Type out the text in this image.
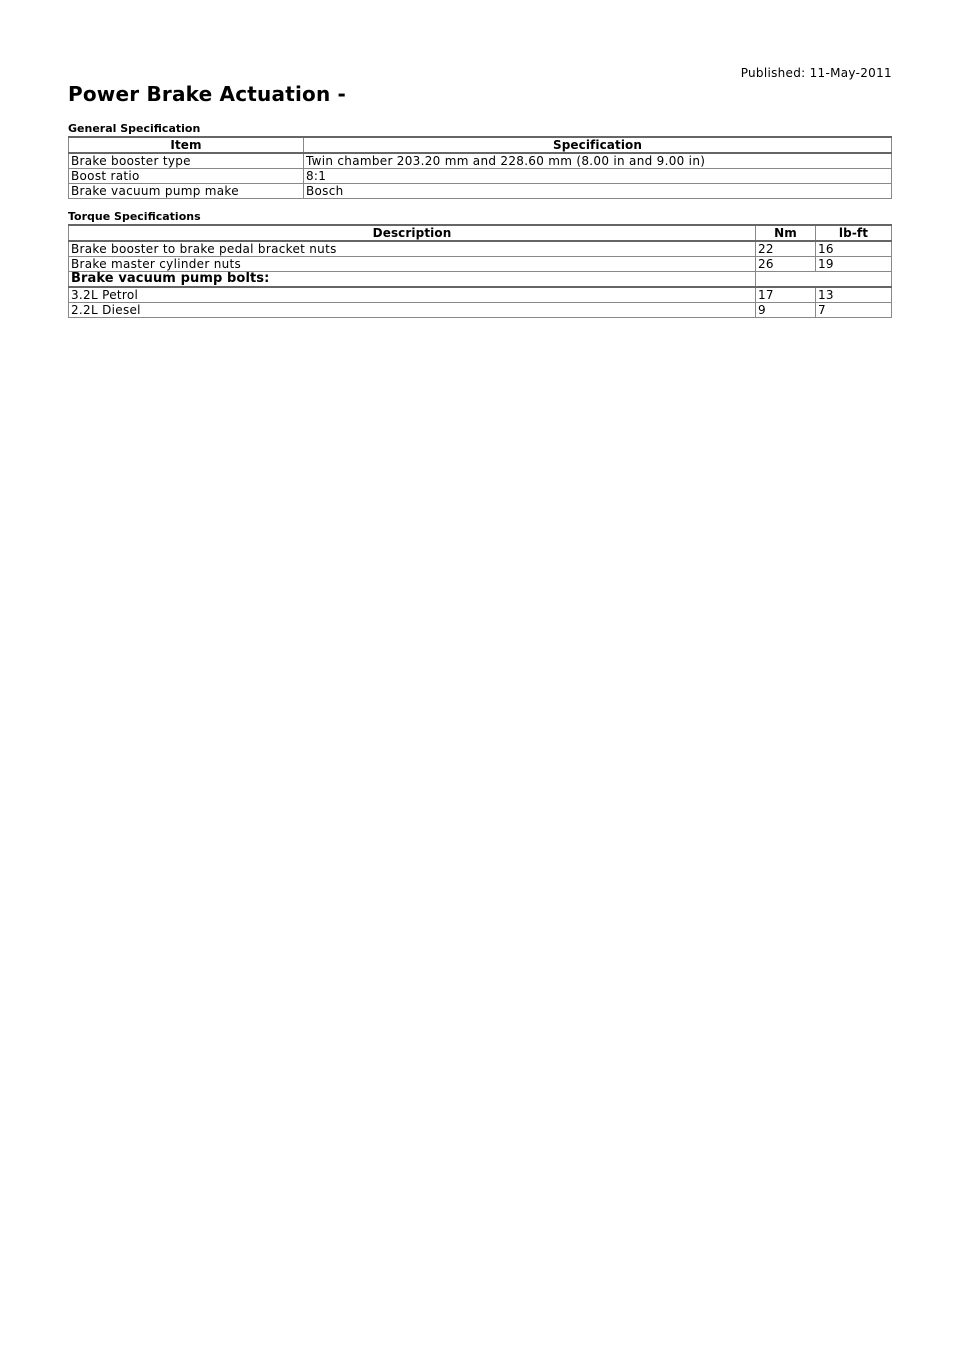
Published: 11-May-2011
Power Brake Actuation -
General Specification
Item	Specification
Brake booster type	Twin chamber 203.20 mm and 228.60 mm (8.00 in and 9.00 in)
Boost ratio	8:1
Brake vacuum pump make	Bosch
Torque Specifications
Description	Nm	lb-ft
Brake booster to brake pedal bracket nuts	22	16
Brake master cylinder nuts	26	19
Brake vacuum pump bolts:		
3.2L Petrol	17	13
2.2L Diesel	9	7
